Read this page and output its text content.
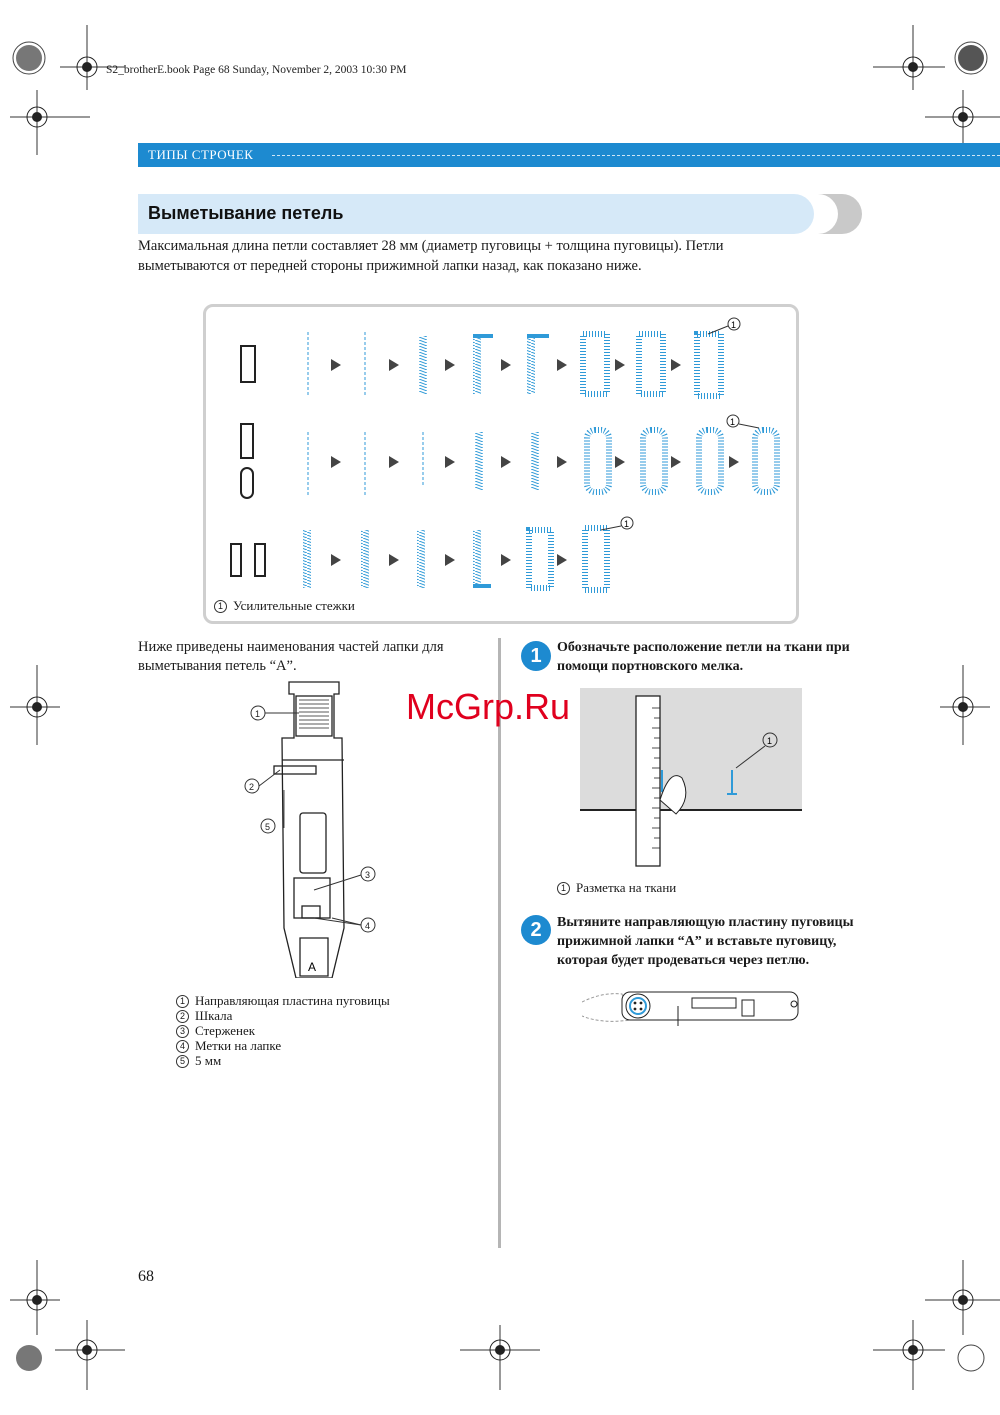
S2_brotherE.book Page 68 Sunday, November 2, 2003 10:30 PM
ТИПЫ СТРОЧЕК
Выметывание петель
Максимальная длина петли составляет 28 мм (диаметр пуговицы + толщина пуговицы). Петли выметываются от передней стороны прижимной лапки назад, как показано ниже.
1
1
1
1 Усилительные стежки
Ниже приведены наименования частей лапки для выметывания петель “А”.
A
1
2
5
3
4
1 Направляющая пластина пуговицы
2 Шкала
3 Стерженек
4 Метки на лапке
5 5 мм
1	Обозначьте расположение петли на ткани при помощи портновского мелка.
1
1 Разметка на ткани
2	Вытяните направляющую пластину пуговицы прижимной лапки “А” и вставьте пуговицу, которая будет продеваться через петлю.
McGrp.Ru
68
